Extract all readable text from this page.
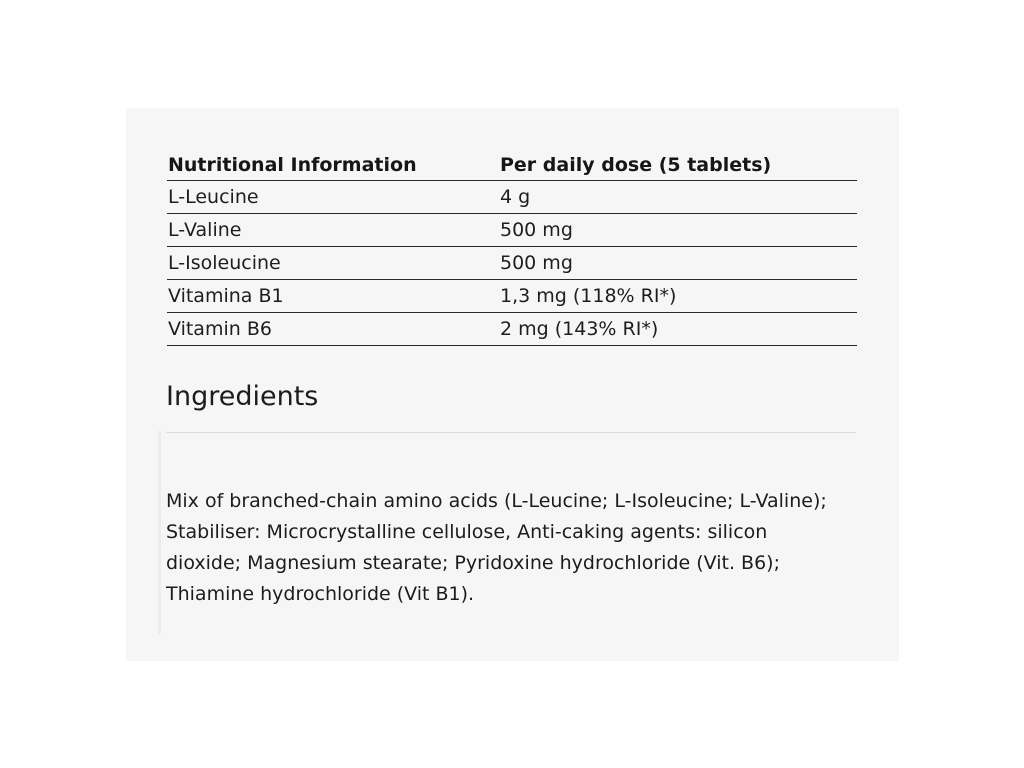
Nutritional Information	Per daily dose (5 tablets)
L-Leucine	4 g
L-Valine	500 mg
L-Isoleucine	500 mg
Vitamina B1	1,3 mg (118% RI*)
Vitamin B6	2 mg (143% RI*)
Ingredients

Mix of branched-chain amino acids (L-Leucine; L-Isoleucine; L-Valine); Stabiliser: Microcrystalline cellulose, Anti-caking agents: silicon dioxide; Magnesium stearate; Pyridoxine hydrochloride (Vit. B6); Thiamine hydrochloride (Vit B1).
